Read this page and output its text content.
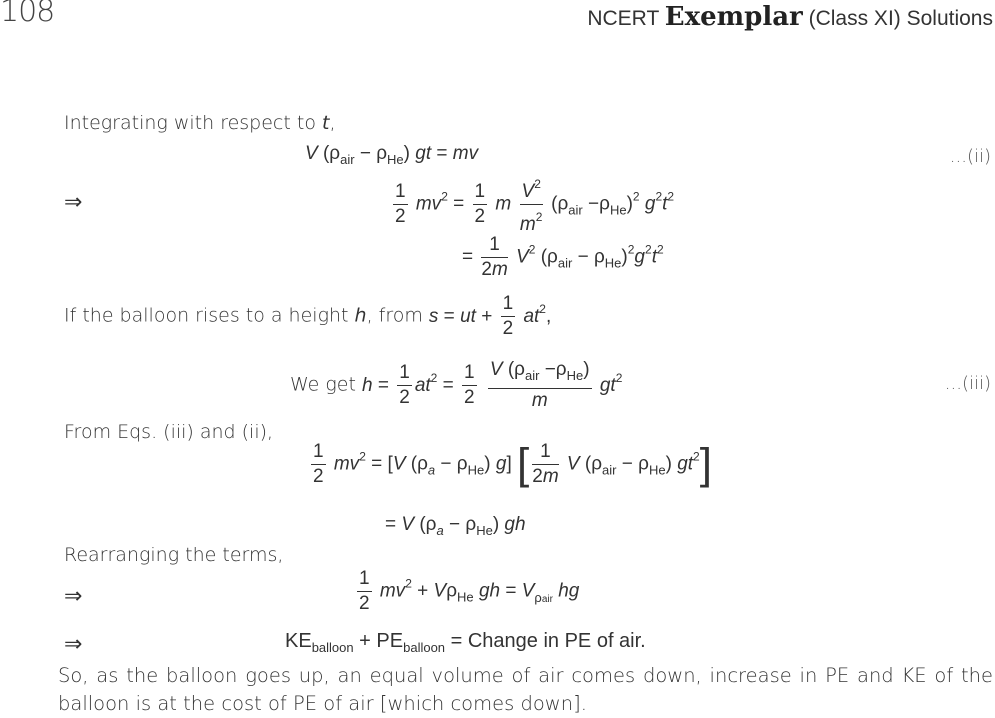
108	NCERT Exemplar (Class XI) Solutions
Integrating with respect to t,
V $(\rho_{air} - \rho_{He})$ gt = mv	...(ii)
⇒	$\frac{1}{2} mv^2 = \frac{1}{2}$ m $\frac{V^2}{m^2} (\rho_{air} -\rho_{He})^2$ $g^2t^2$
= $\frac{1}{2m} V^2$ $(\rho_{air} - \rho_{He})^2g^2t^2$
If the balloon rises to a height h, from s = ut + $\frac{1}{2} at^2$,
We get $h = \frac{1}{2} at^2 = \frac{1}{2}$
$\frac{V (\rho_{air} -\rho_{He})}{m} gt^2$	...(iii)
From Eqs. (iii) and (ii),
$\frac{1}{2} mv^2 = [V$ $(\rho_a - \rho_{He})$ g] [ $\frac{1}{2m}$ V $(\rho_{air} - \rho_{He})$ $gt^2$]
= V $(\rho_a - \rho_{He})$ gh
Rearranging the terms,
⇒	$\frac{1}{2} mv^2 + V\rho_{He}$ gh = $V_{\rho air}$ hg
⇒	$KE_{balloon} + PE_{balloon}$ = Change in PE of air.
So, as the balloon goes up, an equal volume of air comes down, increase in PE and KE of the balloon is at the cost of PE of air [which comes down].
